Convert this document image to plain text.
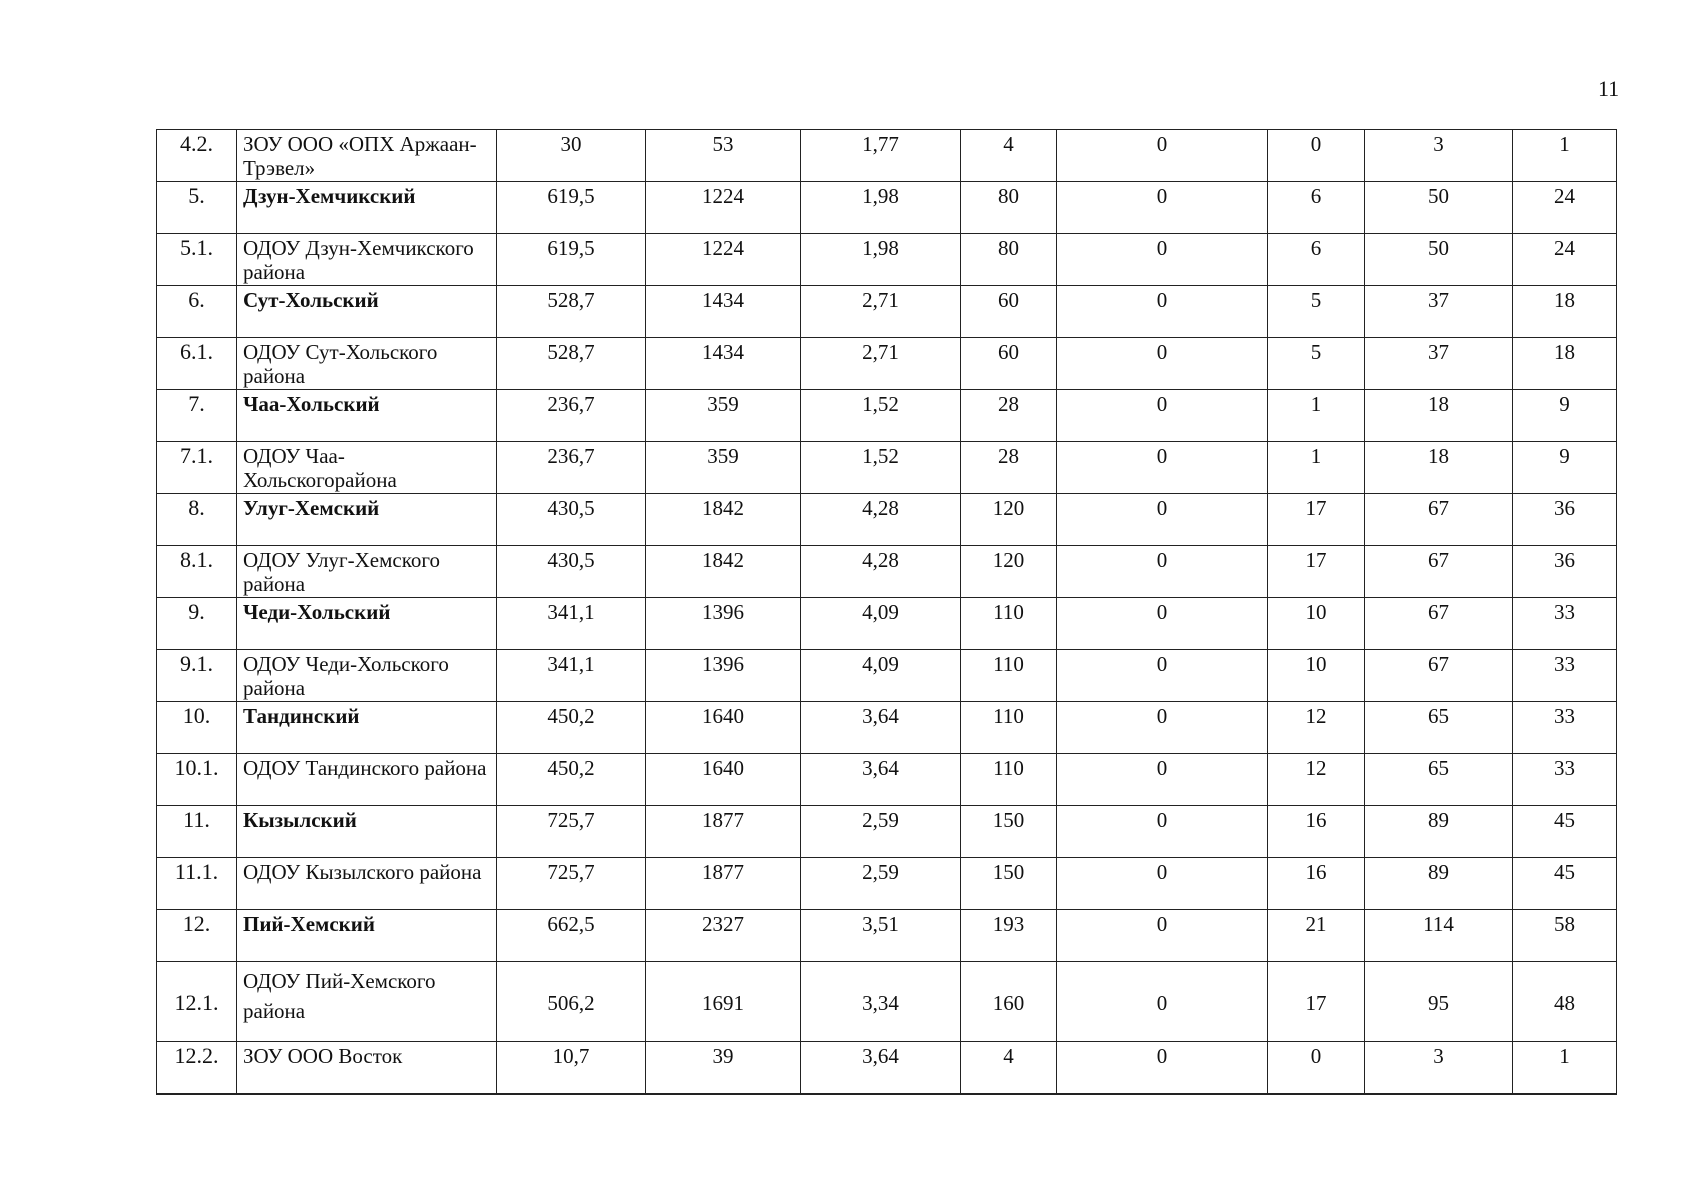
11
4.2.	ЗОУ ООО «ОПХ Аржаан-Трэвел»	30	53	1,77	4	0	0	3	1
5.	Дзун-Хемчикский	619,5	1224	1,98	80	0	6	50	24
5.1.	ОДОУ Дзун-Хемчикского района	619,5	1224	1,98	80	0	6	50	24
6.	Сут-Хольский	528,7	1434	2,71	60	0	5	37	18
6.1.	ОДОУ Сут-Хольского района	528,7	1434	2,71	60	0	5	37	18
7.	Чаа-Хольский	236,7	359	1,52	28	0	1	18	9
7.1.	ОДОУ Чаа-Хольскогорайона	236,7	359	1,52	28	0	1	18	9
8.	Улуг-Хемский	430,5	1842	4,28	120	0	17	67	36
8.1.	ОДОУ Улуг-Хемского района	430,5	1842	4,28	120	0	17	67	36
9.	Чеди-Хольский	341,1	1396	4,09	110	0	10	67	33
9.1.	ОДОУ Чеди-Хольского района	341,1	1396	4,09	110	0	10	67	33
10.	Тандинский	450,2	1640	3,64	110	0	12	65	33
10.1.	ОДОУ Тандинского района	450,2	1640	3,64	110	0	12	65	33
11.	Кызылский	725,7	1877	2,59	150	0	16	89	45
11.1.	ОДОУ Кызылского района	725,7	1877	2,59	150	0	16	89	45
12.	Пий-Хемский	662,5	2327	3,51	193	0	21	114	58
12.1.	ОДОУ Пий-Хемского района	506,2	1691	3,34	160	0	17	95	48
12.2.	ЗОУ ООО Восток	10,7	39	3,64	4	0	0	3	1
